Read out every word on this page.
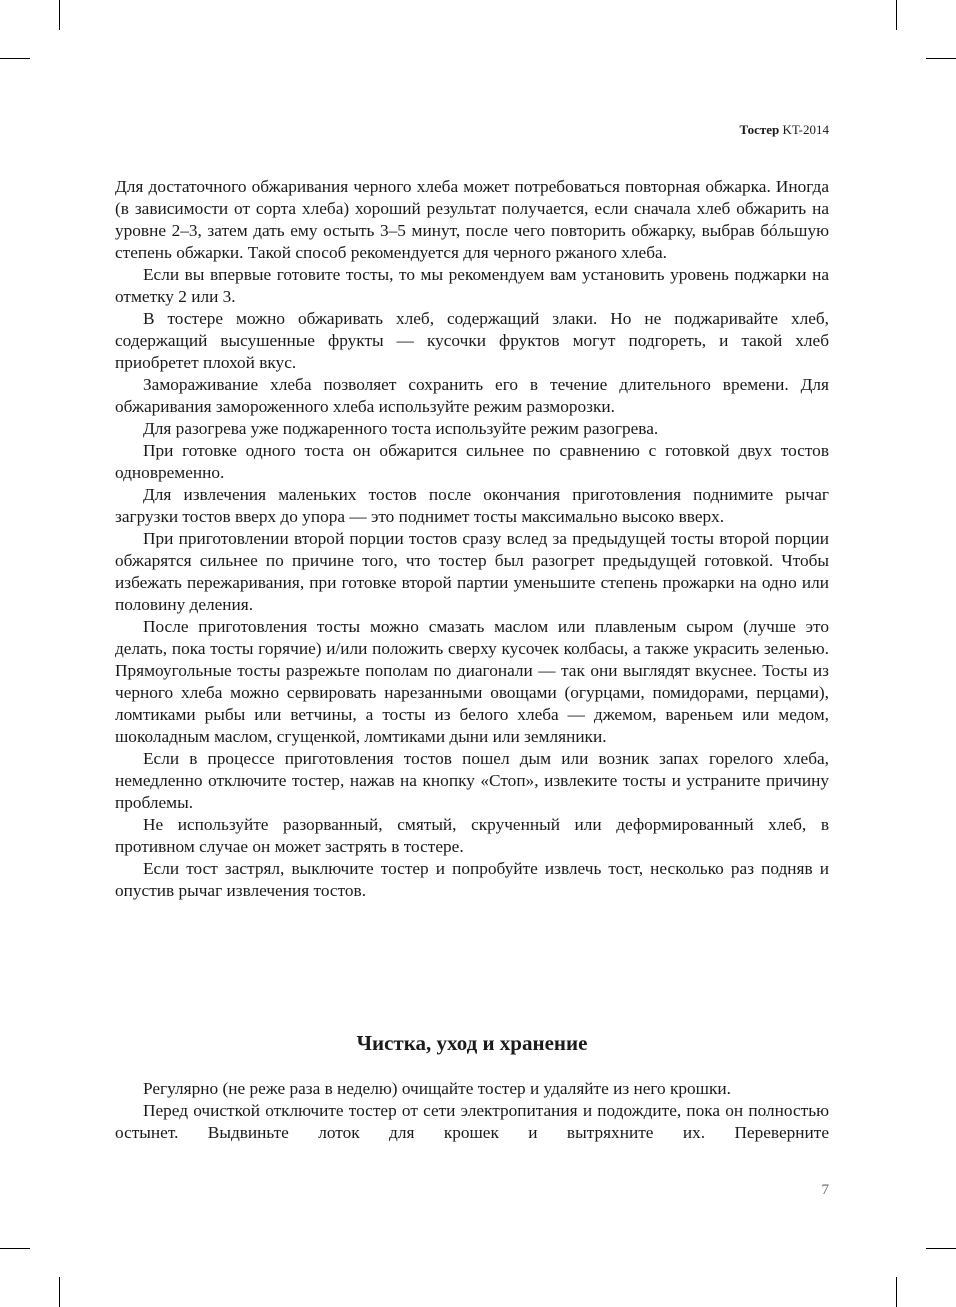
Тостер KT-2014

Для достаточного обжаривания черного хлеба может потребоваться повторная обжарка. Иногда (в зависимости от сорта хлеба) хороший результат получается, если сначала хлеб обжарить на уровне 2–3, затем дать ему остыть 3–5 минут, после чего повторить обжарку, выбрав бóльшую степень обжарки. Такой способ рекомендуется для черного ржаного хлеба.

Если вы впервые готовите тосты, то мы рекомендуем вам установить уровень поджарки на отметку 2 или 3.

В тостере можно обжаривать хлеб, содержащий злаки. Но не поджаривайте хлеб, содержащий высушенные фрукты — кусочки фруктов могут подгореть, и такой хлеб приобретет плохой вкус.

Замораживание хлеба позволяет сохранить его в течение длительного времени. Для обжаривания замороженного хлеба используйте режим разморозки.

Для разогрева уже поджаренного тоста используйте режим разогрева.

При готовке одного тоста он обжарится сильнее по сравнению с готовкой двух тостов одновременно.

Для извлечения маленьких тостов после окончания приготовления поднимите рычаг загрузки тостов вверх до упора — это поднимет тосты максимально высоко вверх.

При приготовлении второй порции тостов сразу вслед за предыдущей тосты второй порции обжарятся сильнее по причине того, что тостер был разогрет предыдущей готовкой. Чтобы избежать пережаривания, при готовке второй партии уменьшите степень прожарки на одно или половину деления.

После приготовления тосты можно смазать маслом или плавленым сыром (лучше это делать, пока тосты горячие) и/или положить сверху кусочек колбасы, а также украсить зеленью. Прямоугольные тосты разрежьте пополам по диагонали — так они выглядят вкуснее. Тосты из черного хлеба можно сервировать нарезанными овощами (огурцами, помидорами, перцами), ломтиками рыбы или ветчины, а тосты из белого хлеба — джемом, вареньем или медом, шоколадным маслом, сгущенкой, ломтиками дыни или земляники.

Если в процессе приготовления тостов пошел дым или возник запах горелого хлеба, немедленно отключите тостер, нажав на кнопку «Стоп», извлеките тосты и устраните причину проблемы.

Не используйте разорванный, смятый, скрученный или деформированный хлеб, в противном случае он может застрять в тостере.

Если тост застрял, выключите тостер и попробуйте извлечь тост, несколько раз подняв и опустив рычаг извлечения тостов.

Чистка, уход и хранение

Регулярно (не реже раза в неделю) очищайте тостер и удаляйте из него крошки.

Перед очисткой отключите тостер от сети электропитания и подождите, пока он полностью остынет. Выдвиньте лоток для крошек и вытряхните их. Переверните

7
